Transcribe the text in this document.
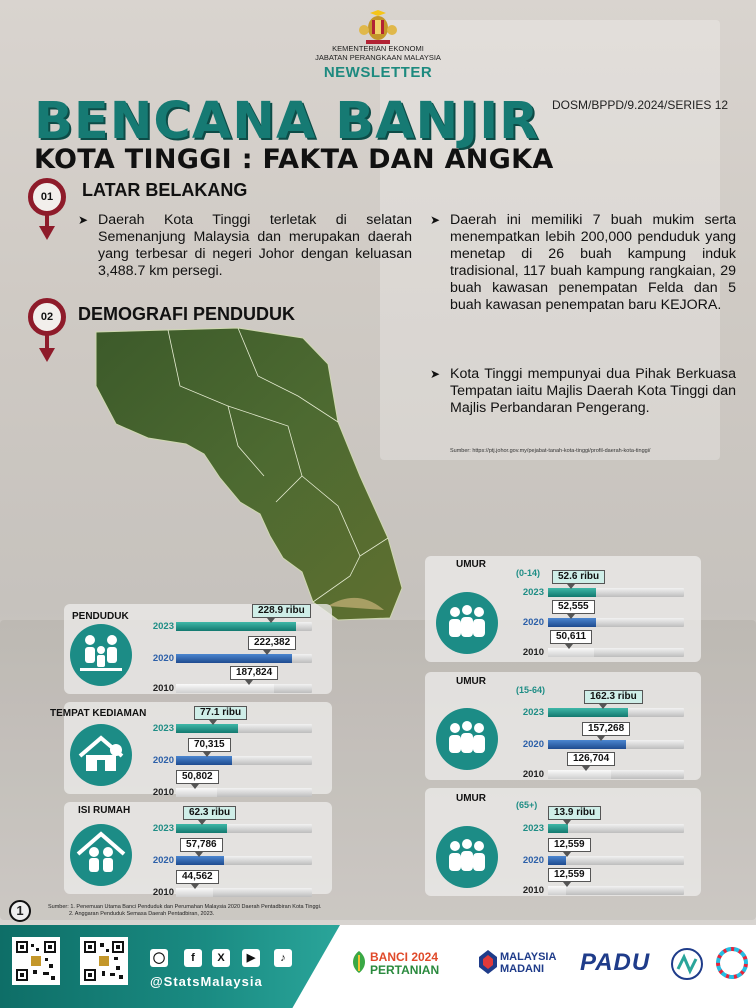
KEMENTERIAN EKONOMI
JABATAN PERANGKAAN MALAYSIA
NEWSLETTER
DOSM/BPPD/9.2024/SERIES 12
BENCANA BANJIR
KOTA TINGGI : FAKTA DAN ANGKA
01 LATAR BELAKANG
➤ Daerah Kota Tinggi terletak di selatan Semenanjung Malaysia dan merupakan daerah yang terbesar di negeri Johor dengan keluasan 3,488.7 km persegi.
➤ Daerah ini memiliki 7 buah mukim serta menempatkan lebih 200,000 penduduk yang menetap di 26 buah kampung induk tradisional, 117 buah kampung rangkaian, 29 buah kawasan penempatan Felda dan 5 buah kawasan penempatan baru KEJORA.
➤ Kota Tinggi mempunyai dua Pihak Berkuasa Tempatan iaitu Majlis Daerah Kota Tinggi dan Majlis Perbandaran Pengerang.
Sumber: https://ptj.johor.gov.my/pejabat-tanah-kota-tinggi/profil-daerah-kota-tinggi/
02 DEMOGRAFI PENDUDUK
PENDUDUK
2023
228.9 ribu
2020
222,382
2010
187,824
TEMPAT KEDIAMAN
2023
77.1 ribu
2020
70,315
2010
50,802
ISI RUMAH
2023
62.3 ribu
2020
57,786
2010
44,562
UMUR
(0-14)
2023
52.6 ribu
2020
52,555
2010
50,611
UMUR
(15-64)
2023
162.3 ribu
2020
157,268
2010
126,704
UMUR
(65+)
2023
13.9 ribu
2020
12,559
2010
12,559
1	Sumber: 1. Penemuan Utama Banci Penduduk dan Perumahan Malaysia 2020 Daerah Pentadbiran Kota Tinggi.
2. Anggaran Penduduk Semasa Daerah Pentadbiran, 2023.
◯	f	X	▶	♪
@StatsMalaysia
BANCI 2024
PERTANIAN
MALAYSIA
MADANI PADU
